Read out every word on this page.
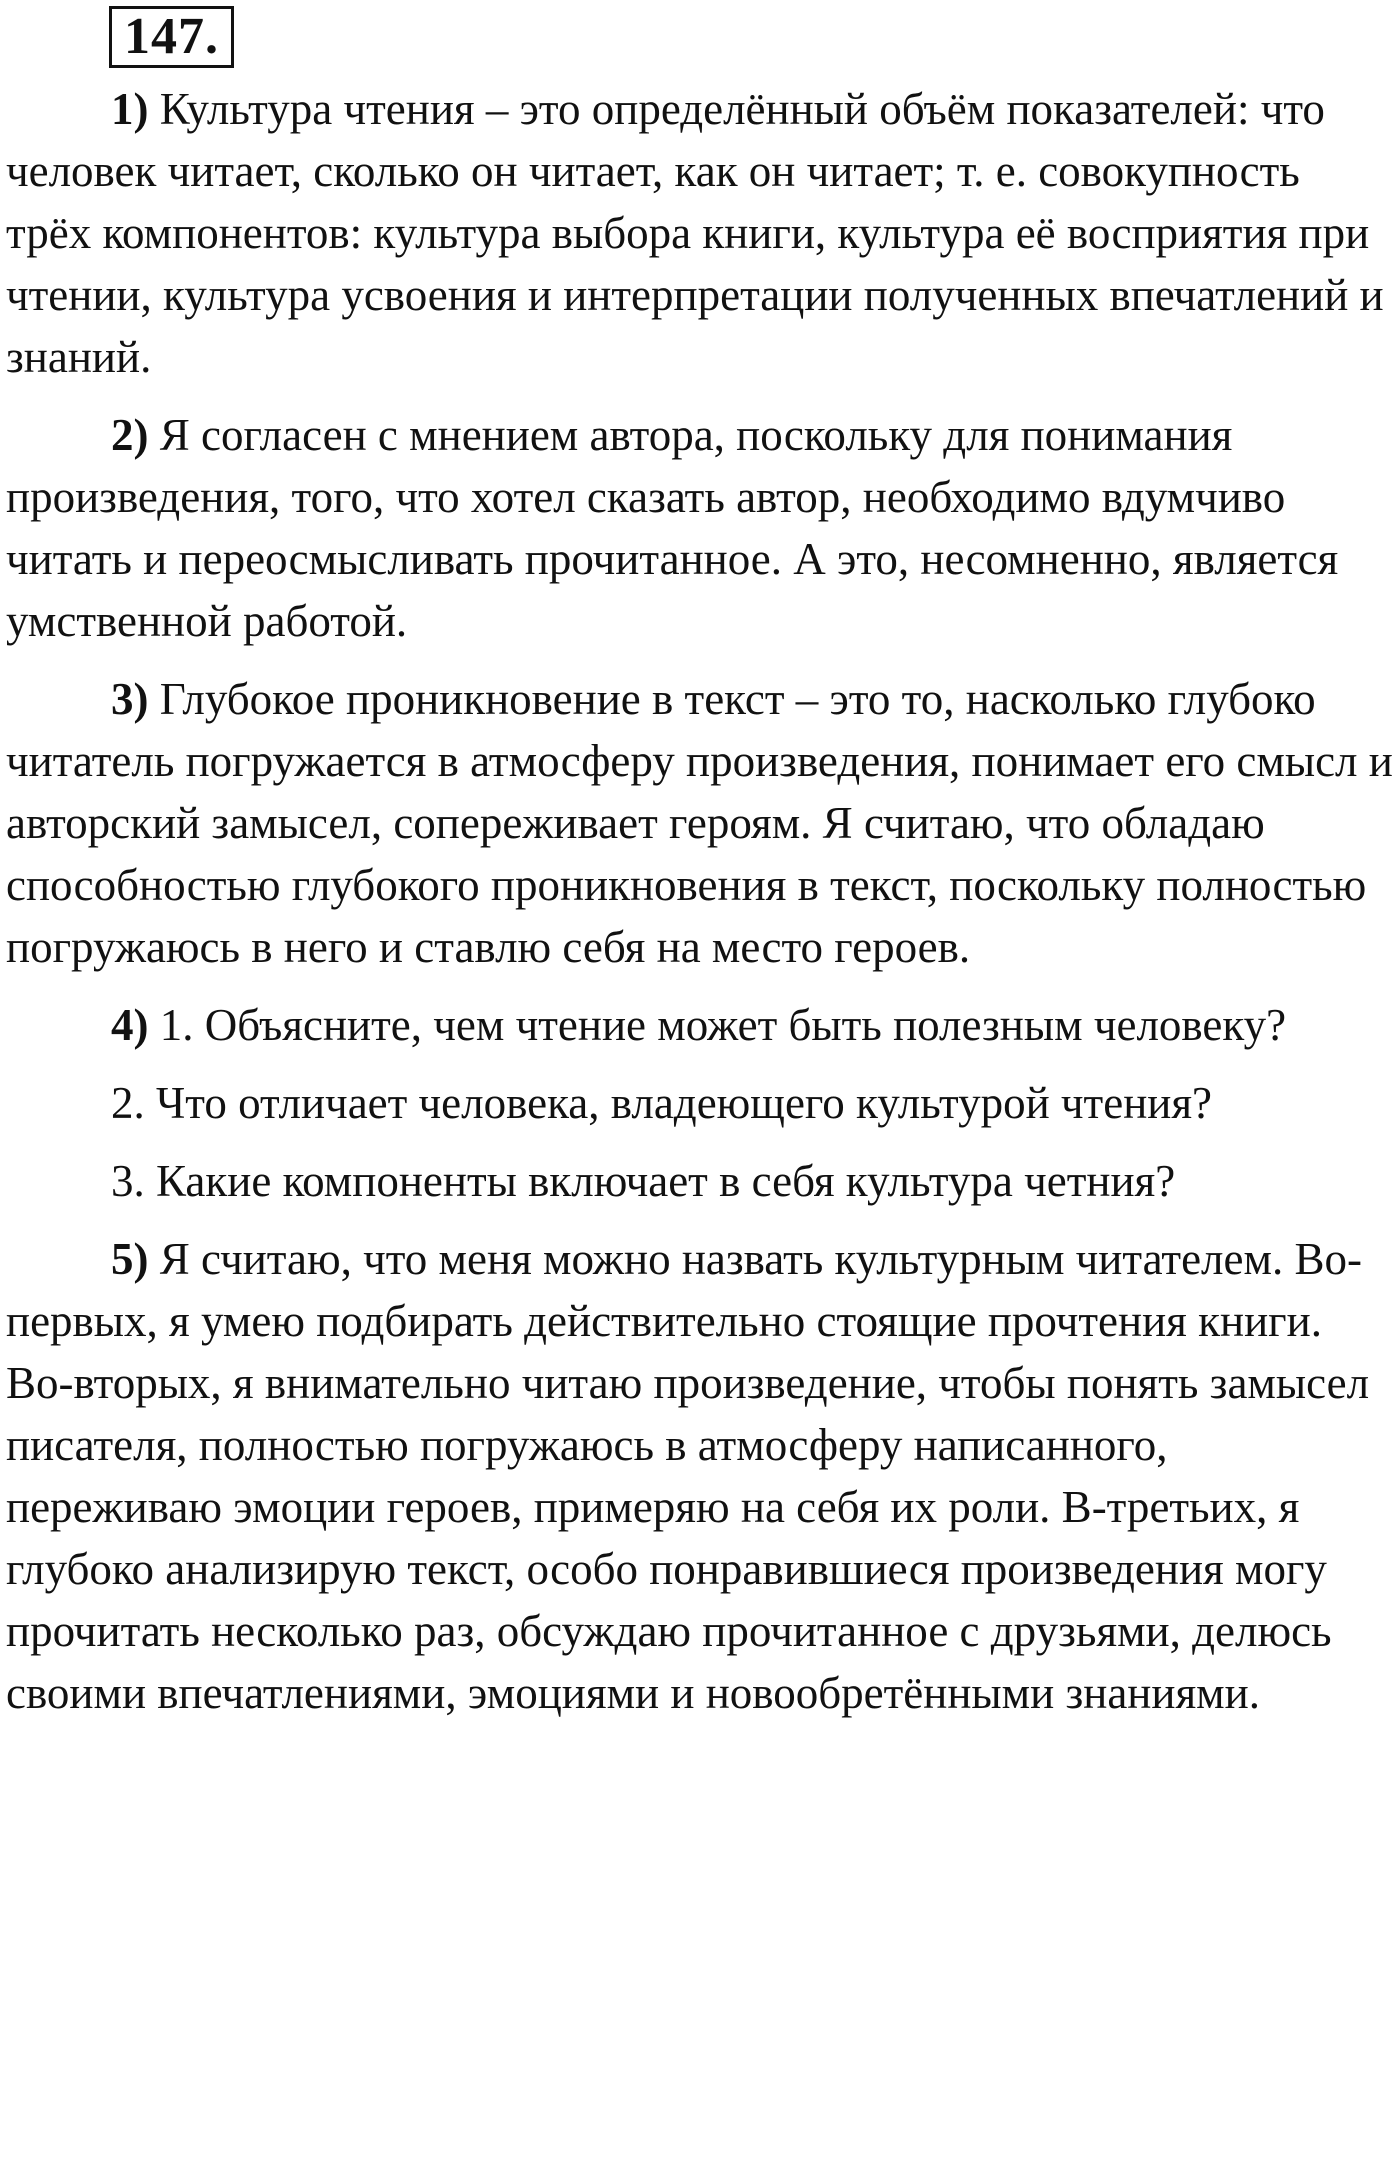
147.

1) Культура чтения – это определённый объём показателей: что человек читает, сколько он читает, как он читает; т. е. совокупность трёх компонентов: культура выбора книги, культура её восприятия при чтении, культура усвоения и интерпретации полученных впечатлений и знаний.

2) Я согласен с мнением автора, поскольку для понимания произведения, того, что хотел сказать автор, необходимо вдумчиво читать и переосмысливать прочитанное. А это, несомненно, является умственной работой.

3) Глубокое проникновение в текст – это то, насколько глубоко читатель погружается в атмосферу произведения, понимает его смысл и авторский замысел, сопереживает героям. Я считаю, что обладаю способностью глубокого проникновения в текст, поскольку полностью погружаюсь в него и ставлю себя на место героев.

4) 1. Объясните, чем чтение может быть полезным человеку?

2. Что отличает человека, владеющего культурой чтения?

3. Какие компоненты включает в себя культура четния?

5) Я считаю, что меня можно назвать культурным читателем. Во-первых, я умею подбирать действительно стоящие прочтения книги. Во-вторых, я внимательно читаю произведение, чтобы понять замысел писателя, полностью погружаюсь в атмосферу написанного, переживаю эмоции героев, примеряю на себя их роли. В-третьих, я глубоко анализирую текст, особо понравившиеся произведения могу прочитать несколько раз, обсуждаю прочитанное с друзьями, делюсь своими впечатлениями, эмоциями и новообретёнными знаниями.
